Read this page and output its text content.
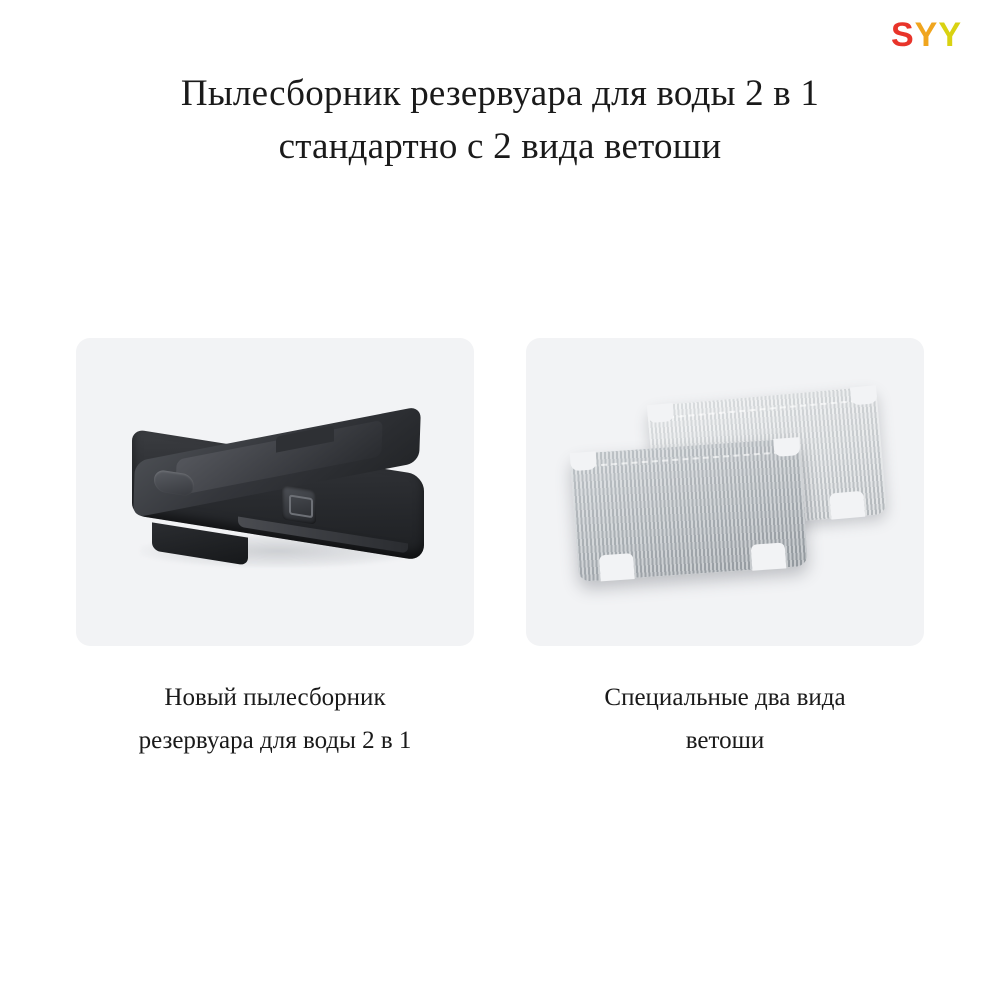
S Y Y
Пылесборник резервуара для воды 2 в 1
стандартно с 2 вида ветоши
Новый пылесборник
резервуара для воды 2 в 1
Специальные два вида
ветоши
